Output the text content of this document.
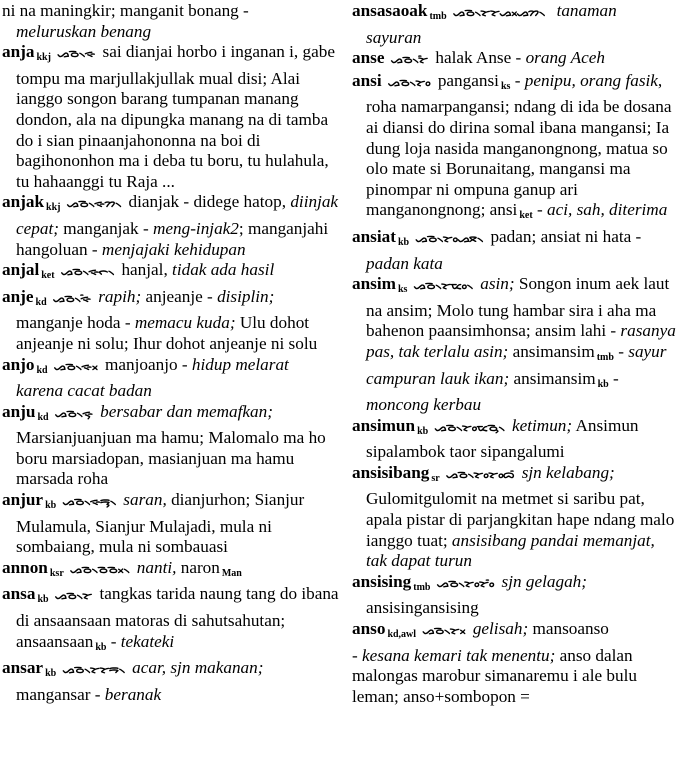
ni na maningkir; manganit bonang -
meluruskan benang
anja $_{kkj}$ ᯀᯉ᯲ᯐ sai dianjai horbo i inganan i, gabe tompu ma marjullakjullak mual disi; Alai ianggo songon barang tumpanan manang dondon, ala na dipungka manang na di tamba do i sian pinaanjahononna na boi di bagihononhon ma i deba tu boru, tu hulahula, tu hahaanggi tu Raja ...
anjak $_{kkj}$ ᯀᯉ᯲ᯐᯂ᯲ dianjak - didege hatop, diinjak cepat; manganjak - meng-injak2; manganjahi hangoluan - menjajaki kehidupan
anjal $_{ket}$ ᯀᯉ᯲ᯐᯞ᯲ hanjal, tidak ada hasil
anje $_{kd}$ ᯀᯉ᯲ᯐᯩ rapih; anjeanje - disiplin; manganje hoda - memacu kuda; Ulu dohot anjeanje ni solu; Ihur dohot anjeanje ni solu
anjo $_{kd}$ ᯀᯉ᯲ᯐᯬ manjoanjo - hidup melarat karena cacat badan
anju $_{kd}$ ᯀᯉ᯲ᯐᯮ bersabar dan memafkan; Marsianjuanjuan ma hamu; Malomalo ma ho boru marsiadopan, masianjuan ma hamu marsada roha
anjur $_{kb}$ ᯀᯉ᯲ᯐᯮᯒ᯲ saran, dianjurhon; Sianjur Mulamula, Sianjur Mulajadi, mula ni sombaiang, mula ni sombauasi
annon $_{ksr}$ ᯀᯉ᯲ᯉᯬᯉ᯲ nanti, naron $_{Man}$
ansa $_{kb}$ ᯀᯉ᯲ᯘ tangkas tarida naung tang do ibana di ansaansaan matoras di sahutsahutan; ansaansaan $_{kb}$ - tekateki
ansar $_{kb}$ ᯀᯉ᯲ᯘᯘᯒ᯲ acar, sjn makanan; mangansar - beranak
ansasaoak $_{tmb}$ ᯀᯉ᯲ᯘᯘᯀᯬᯀᯂ᯲ tanaman sayuran
anse ᯀᯉ᯲ᯘᯩ halak Anse - orang Aceh
ansi ᯀᯉ᯲ᯘᯪ pangansi $_{ks}$ - penipu, orang fasik, roha namarpangansi; ndang di ida be dosana ai diansi do dirina somal ibana mangansi; Ia dung loja nasida manganongnong, matua so olo mate si Borunaitang, mangansi ma pinompar ni ompuna ganup ari manganongnong; ansi $_{ket}$ - aci, sah, diterima
ansiat $_{kb}$ ᯀᯉ᯲ᯘᯪᯀᯖ᯲ padan; ansiat ni hata -padan kata
ansim $_{ks}$ ᯀᯉ᯲ᯘᯪᯔ᯲ asin; Songon inum aek laut na ansim; Molo tung hambar sira i aha ma bahenon paansimhonsa; ansim lahi - rasanya pas, tak terlalu asin; ansimansim $_{tmb}$ - sayur campuran lauk ikan; ansimansim $_{kb}$ - moncong kerbau
ansimun $_{kb}$ ᯀᯉ᯲ᯘᯪᯔᯮᯉ᯲ ketimun; Ansimun sipalambok taor sipangalumi
ansisibang $_{sr}$ ᯀᯉ᯲ᯘᯪᯘᯪᯅᯰ sjn kelabang; Gulomitgulomit na metmet si saribu pat, apala pistar di parjangkitan hape ndang malo ianggo tuat; ansisibang pandai memanjat, tak dapat turun
ansising $_{tmb}$ ᯀᯉ᯲ᯘᯪᯘᯪᯰ sjn gelagah; ansisingansising
anso $_{kd,awl}$ ᯀᯉ᯲ᯘᯬ gelisah; mansoanso
- kesana kemari tak menentu; anso dalan malongas marobur simanaremu i ale bulu leman; anso+sombopon =
